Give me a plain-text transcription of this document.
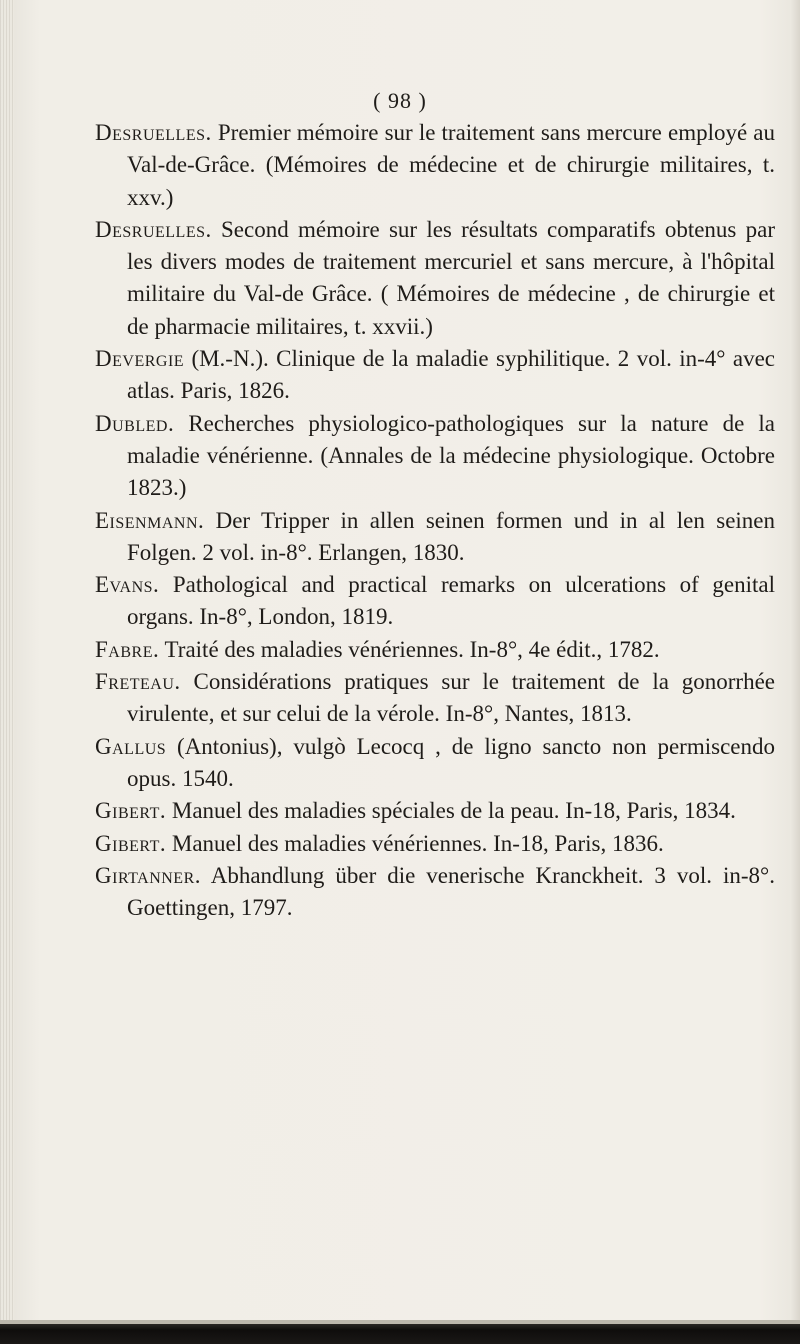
( 98 )

Desruelles. Premier mémoire sur le traitement sans mercure employé au Val-de-Grâce. (Mémoires de médecine et de chirurgie militaires, t. xxv.)

Desruelles. Second mémoire sur les résultats comparatifs obtenus par les divers modes de traitement mercuriel et sans mercure, à l'hôpital militaire du Val-de Grâce. ( Mémoires de médecine , de chirurgie et de pharmacie militaires, t. xxvii.)

Devergie (M.-N.). Clinique de la maladie syphilitique. 2 vol. in-4° avec atlas. Paris, 1826.

Dubled. Recherches physiologico-pathologiques sur la nature de la maladie vénérienne. (Annales de la médecine physiologique. Octobre 1823.)

Eisenmann. Der Tripper in allen seinen formen und in al len seinen Folgen. 2 vol. in-8°. Erlangen, 1830.

Evans. Pathological and practical remarks on ulcerations of genital organs. In-8°, London, 1819.

Fabre. Traité des maladies vénériennes. In-8°, 4e édit., 1782.

Freteau. Considérations pratiques sur le traitement de la gonorrhée virulente, et sur celui de la vérole. In-8°, Nantes, 1813.

Gallus (Antonius), vulgò Lecocq , de ligno sancto non permiscendo opus. 1540.

Gibert. Manuel des maladies spéciales de la peau. In-18, Paris, 1834.

Gibert. Manuel des maladies vénériennes. In-18, Paris, 1836.

Girtanner. Abhandlung über die venerische Kranckheit. 3 vol. in-8°. Goettingen, 1797.
